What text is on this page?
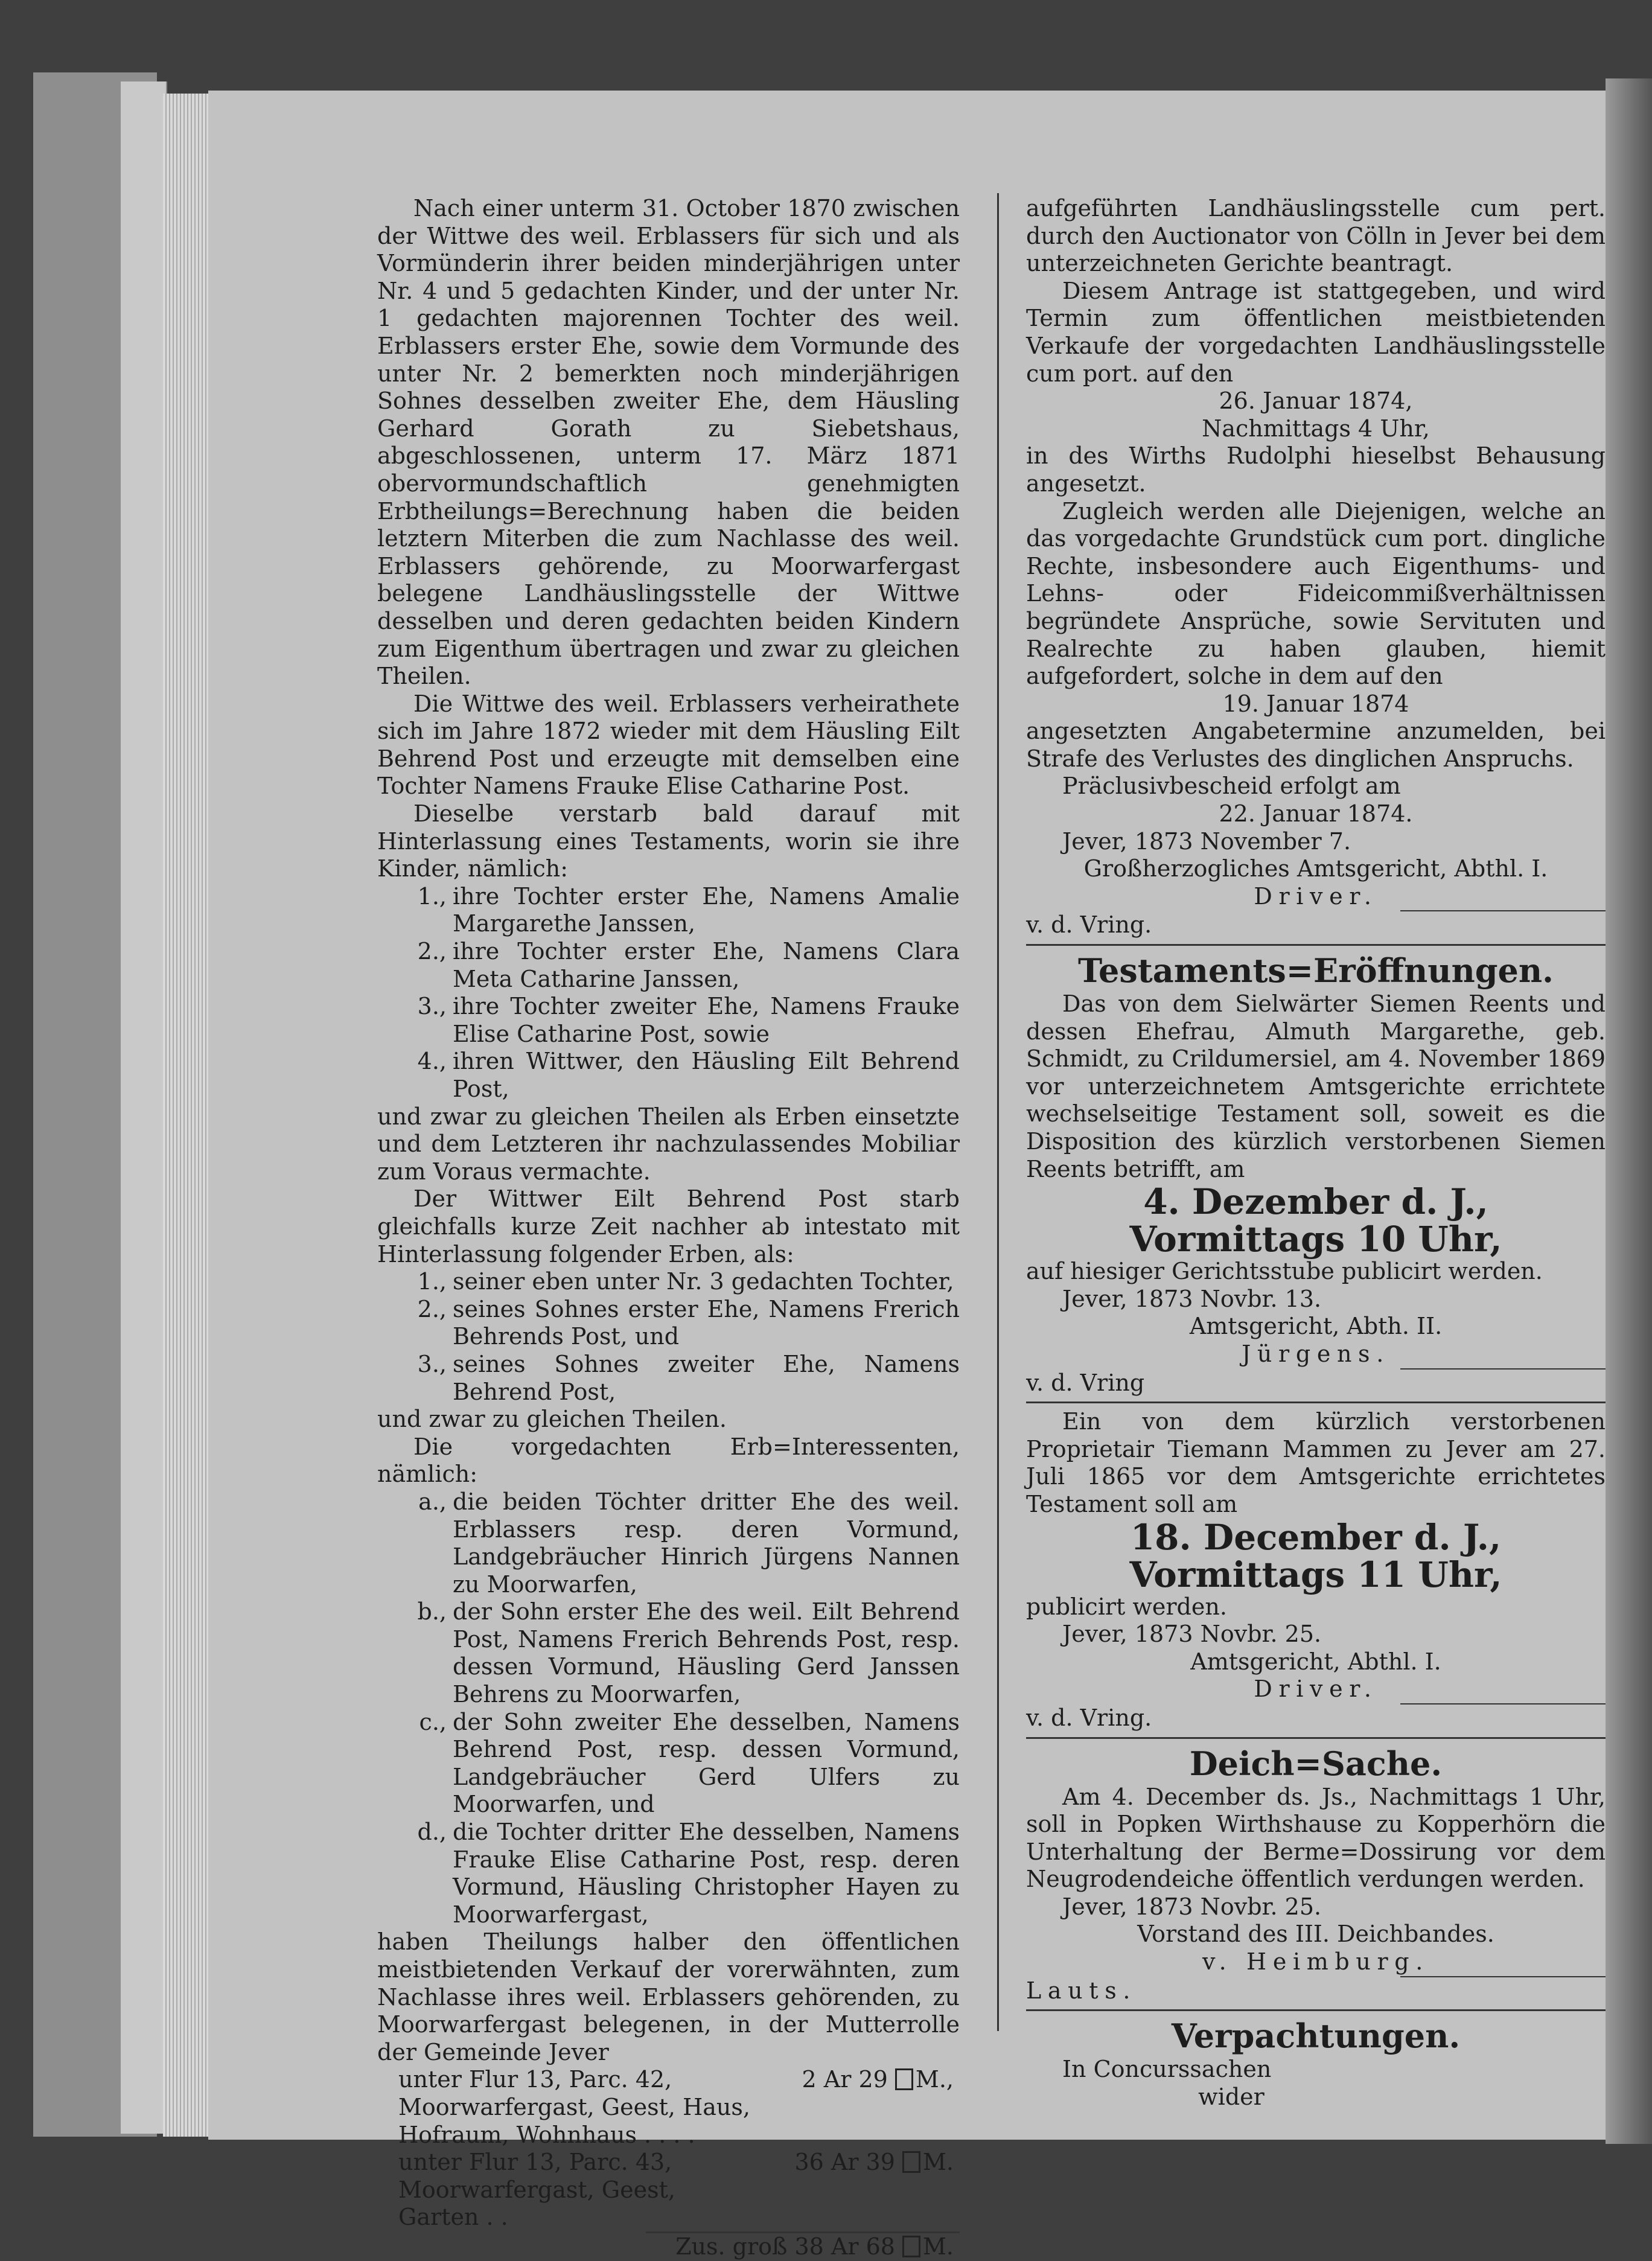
Nach einer unterm 31. October 1870 zwischen der Wittwe des weil. Erblassers für sich und als Vormünderin ihrer beiden minderjährigen unter Nr. 4 und 5 gedachten Kinder, und der unter Nr. 1 gedachten majorennen Tochter des weil. Erblassers erster Ehe, sowie dem Vormunde des unter Nr. 2 bemerkten noch minderjährigen Sohnes desselben zweiter Ehe, dem Häusling Gerhard Gorath zu Siebetshaus, abgeschlossenen, unterm 17. März 1871 obervormundschaftlich genehmigten Erbtheilungs=Berechnung haben die beiden letztern Miterben die zum Nachlasse des weil. Erblassers gehörende, zu Moorwarfergast belegene Landhäuslingsstelle der Wittwe desselben und deren gedachten beiden Kindern zum Eigenthum übertragen und zwar zu gleichen Theilen.

Die Wittwe des weil. Erblassers verheirathete sich im Jahre 1872 wieder mit dem Häusling Eilt Behrend Post und erzeugte mit demselben eine Tochter Namens Frauke Elise Catharine Post.

Dieselbe verstarb bald darauf mit Hinterlassung eines Testaments, worin sie ihre Kinder, nämlich:

1., ihre Tochter erster Ehe, Namens Amalie Margarethe Janssen,
2., ihre Tochter erster Ehe, Namens Clara Meta Catharine Janssen,
3., ihre Tochter zweiter Ehe, Namens Frauke Elise Catharine Post, sowie
4., ihren Wittwer, den Häusling Eilt Behrend Post,

und zwar zu gleichen Theilen als Erben einsetzte und dem Letzteren ihr nachzulassendes Mobiliar zum Voraus vermachte.

Der Wittwer Eilt Behrend Post starb gleichfalls kurze Zeit nachher ab intestato mit Hinterlassung folgender Erben, als:

1., seiner eben unter Nr. 3 gedachten Tochter,
2., seines Sohnes erster Ehe, Namens Frerich Behrends Post, und
3., seines Sohnes zweiter Ehe, Namens Behrend Post,

und zwar zu gleichen Theilen.

Die vorgedachten Erb=Interessenten, nämlich:

a., die beiden Töchter dritter Ehe des weil. Erblassers resp. deren Vormund, Landgebräucher Hinrich Jürgens Nannen zu Moorwarfen,
b., der Sohn erster Ehe des weil. Eilt Behrend Post, Namens Frerich Behrends Post, resp. dessen Vormund, Häusling Gerd Janssen Behrens zu Moorwarfen,
c., der Sohn zweiter Ehe desselben, Namens Behrend Post, resp. dessen Vormund, Landgebräucher Gerd Ulfers zu Moorwarfen, und
d., die Tochter dritter Ehe desselben, Namens Frauke Elise Catharine Post, resp. deren Vormund, Häusling Christopher Hayen zu Moorwarfergast,

haben Theilungs halber den öffentlichen meistbietenden Verkauf der vorerwähnten, zum Nachlasse ihres weil. Erblassers gehörenden, zu Moorwarfergast belegenen, in der Mutterrolle der Gemeinde Jever

unter Flur 13, Parc. 42, Moorwarfergast, Geest, Haus, Hofraum, Wohnhaus . . . .
2 Ar 29 M.,
unter Flur 13, Parc. 43, Moorwarfergast, Geest, Garten . .
36 Ar 39 M.
Zus. groß 38 Ar 68 M.

aufgeführten Landhäuslingsstelle cum pert. durch den Auctionator von Cölln in Jever bei dem unterzeichneten Gerichte beantragt.

Diesem Antrage ist stattgegeben, und wird Termin zum öffentlichen meistbietenden Verkaufe der vorgedachten Landhäuslingsstelle cum port. auf den

26. Januar 1874,

Nachmittags 4 Uhr,

in des Wirths Rudolphi hieselbst Behausung angesetzt.

Zugleich werden alle Diejenigen, welche an das vorgedachte Grundstück cum port. dingliche Rechte, insbesondere auch Eigenthums- und Lehns- oder Fideicommißverhältnissen begründete Ansprüche, sowie Servituten und Realrechte zu haben glauben, hiemit aufgefordert, solche in dem auf den

19. Januar 1874

angesetzten Angabetermine anzumelden, bei Strafe des Verlustes des dinglichen Anspruchs.

Präclusivbescheid erfolgt am

22. Januar 1874.

Jever, 1873 November 7.

Großherzogliches Amtsgericht, Abthl. I.

Driver.

v. d. Vring.

Testaments=Eröffnungen.

Das von dem Sielwärter Siemen Reents und dessen Ehefrau, Almuth Margarethe, geb. Schmidt, zu Crildumersiel, am 4. November 1869 vor unterzeichnetem Amtsgerichte errichtete wechselseitige Testament soll, soweit es die Disposition des kürzlich verstorbenen Siemen Reents betrifft, am

4. Dezember d. J.,
Vormittags 10 Uhr,

auf hiesiger Gerichtsstube publicirt werden.

Jever, 1873 Novbr. 13.

Amtsgericht, Abth. II.

Jürgens.

v. d. Vring

Ein von dem kürzlich verstorbenen Proprietair Tiemann Mammen zu Jever am 27. Juli 1865 vor dem Amtsgerichte errichtetes Testament soll am

18. December d. J.,
Vormittags 11 Uhr,

publicirt werden.

Jever, 1873 Novbr. 25.

Amtsgericht, Abthl. I.

Driver.

v. d. Vring.

Deich=Sache.

Am 4. December ds. Js., Nachmittags 1 Uhr, soll in Popken Wirthshause zu Kopperhörn die Unterhaltung der Berme=Dossirung vor dem Neugrodendeiche öffentlich verdungen werden.

Jever, 1873 Novbr. 25.

Vorstand des III. Deichbandes.

v. Heimburg.

Lauts.

Verpachtungen.

In Concurssachen

wider
